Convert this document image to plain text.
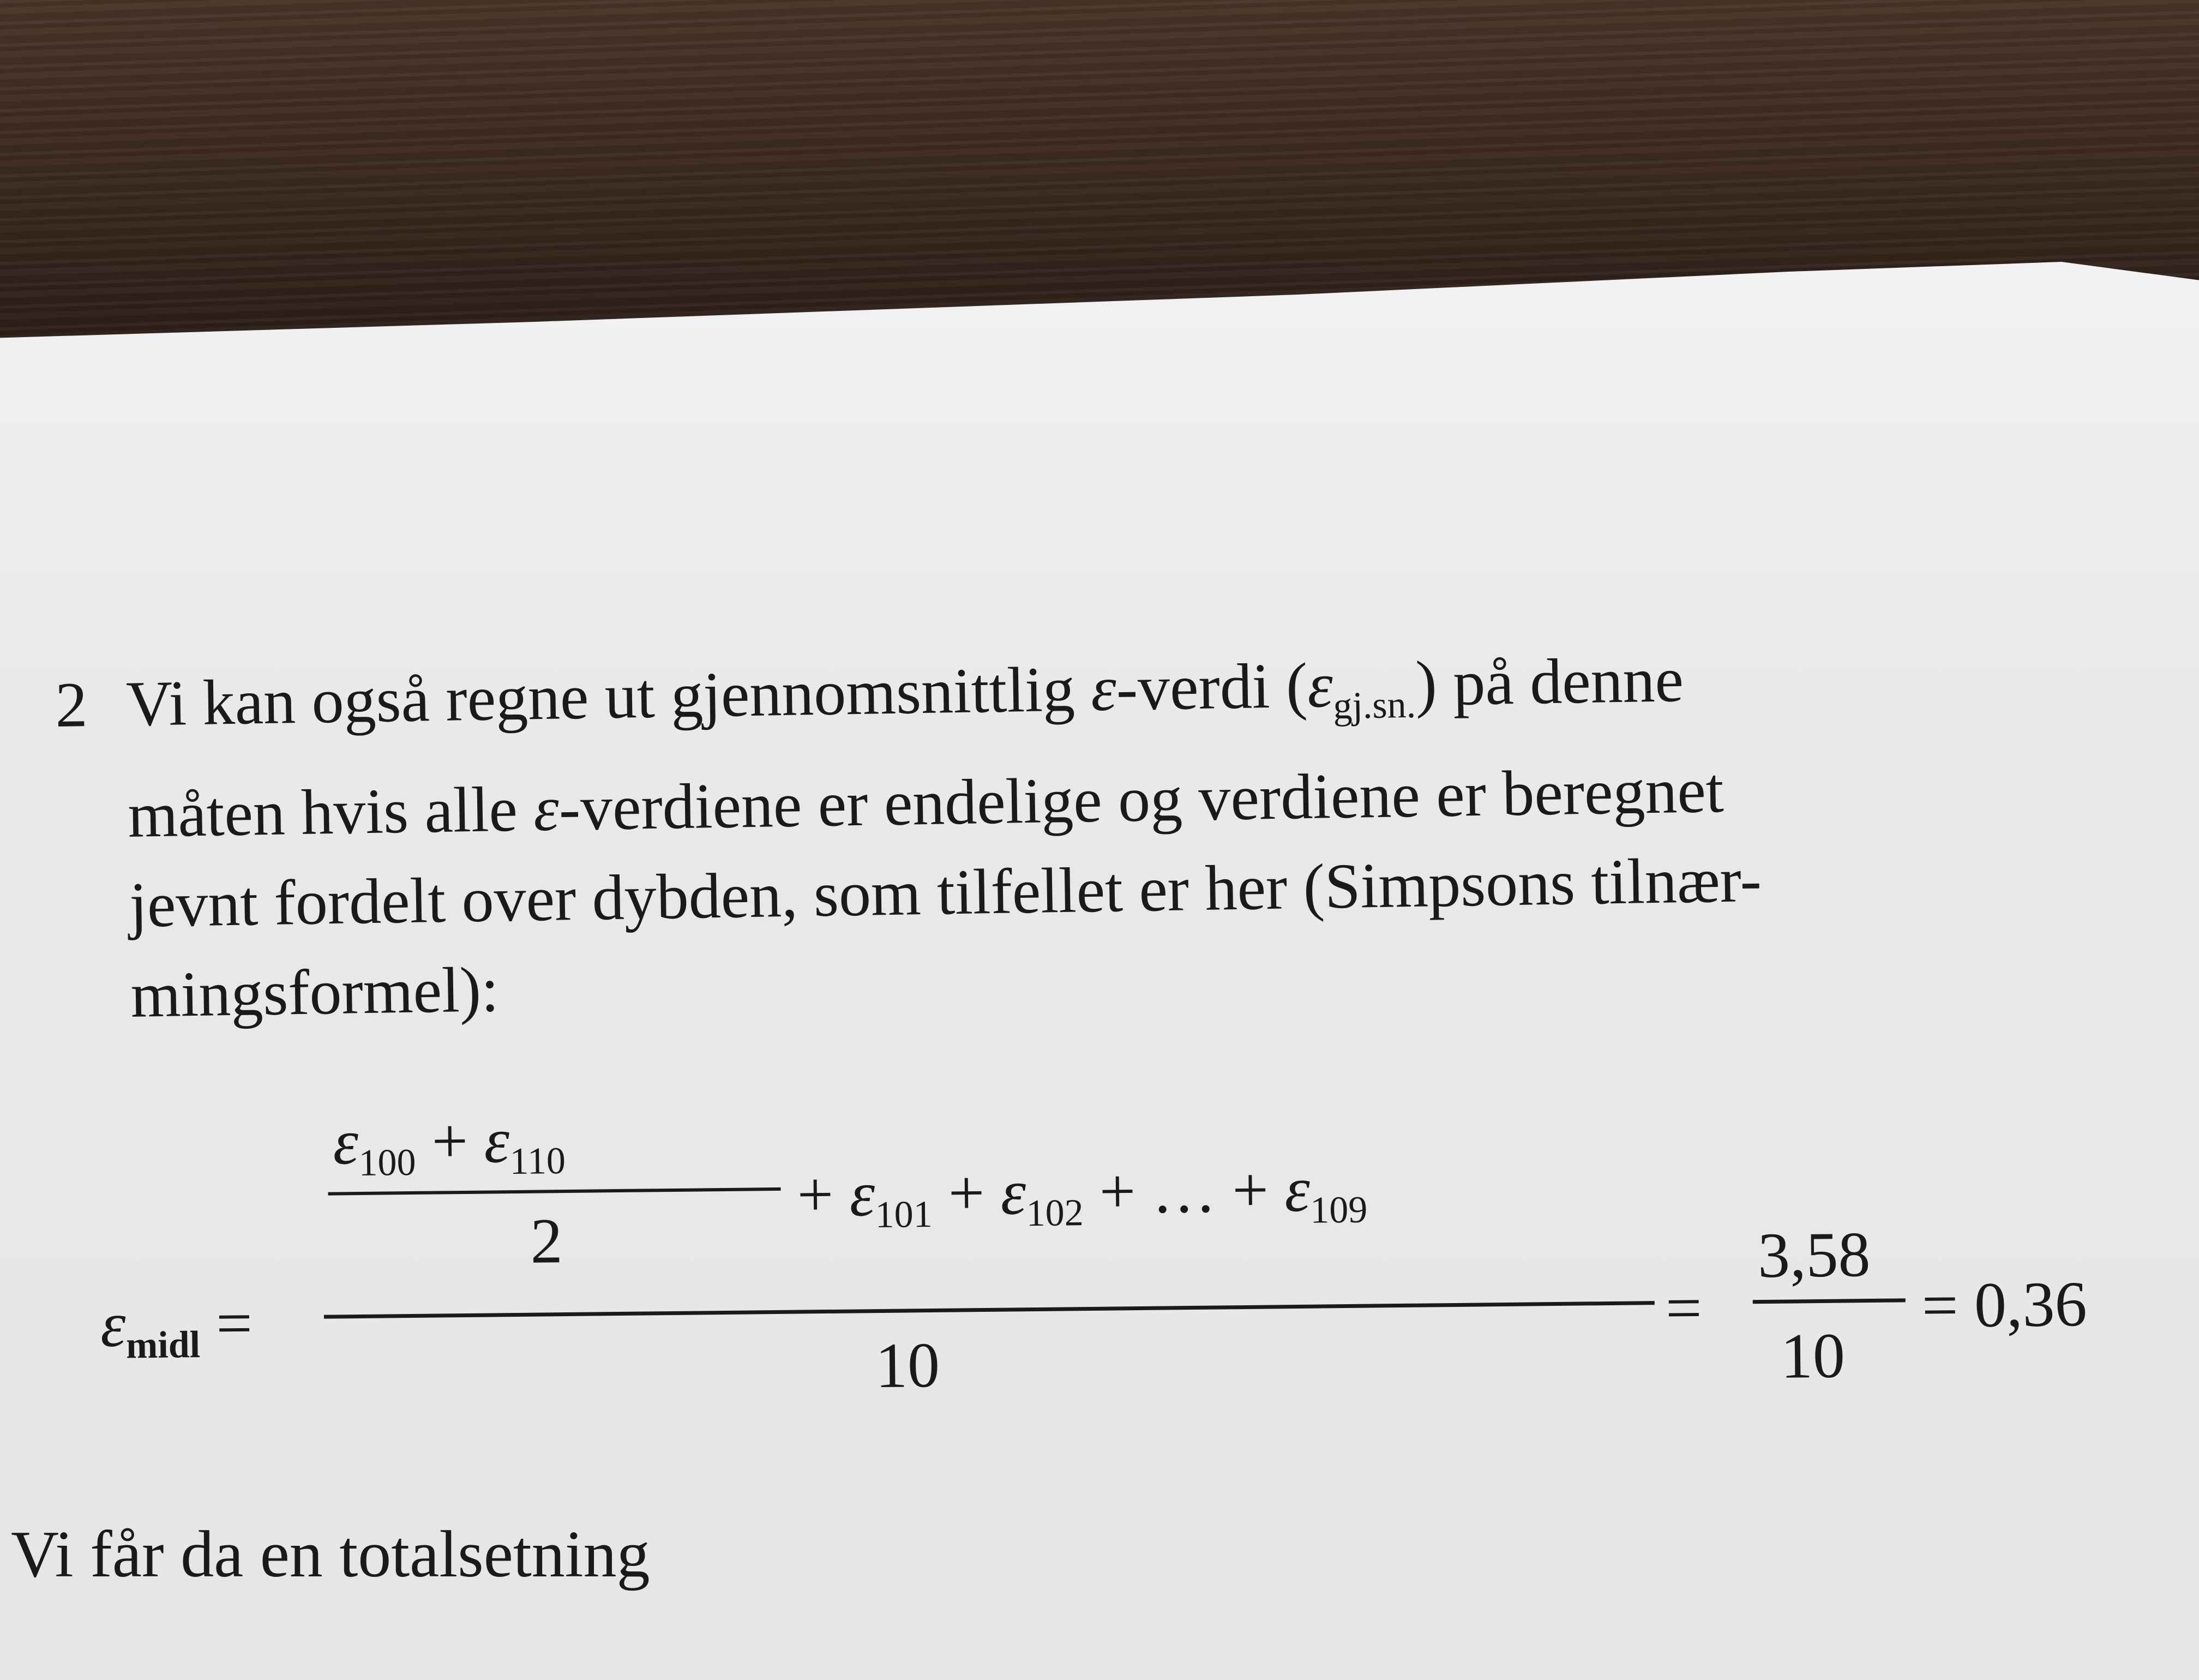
2 Vi kan også regne ut gjennomsnittlig ε-verdi $(\varepsilon_{gj.sn.})$ på denne
måten hvis alle ε-verdiene er endelige og verdiene er beregnet
jevnt fordelt over dybden, som tilfellet er her (Simpsons tilnær-
mingsformel):
$\varepsilon_{100} + \varepsilon_{110}$
2
+ $\varepsilon_{101} + \varepsilon_{102}$ + … + $\varepsilon_{109}$
$\varepsilon_{midl}$ =
10
=
3,58
10
= 0,36
Vi får da en totalsetning
